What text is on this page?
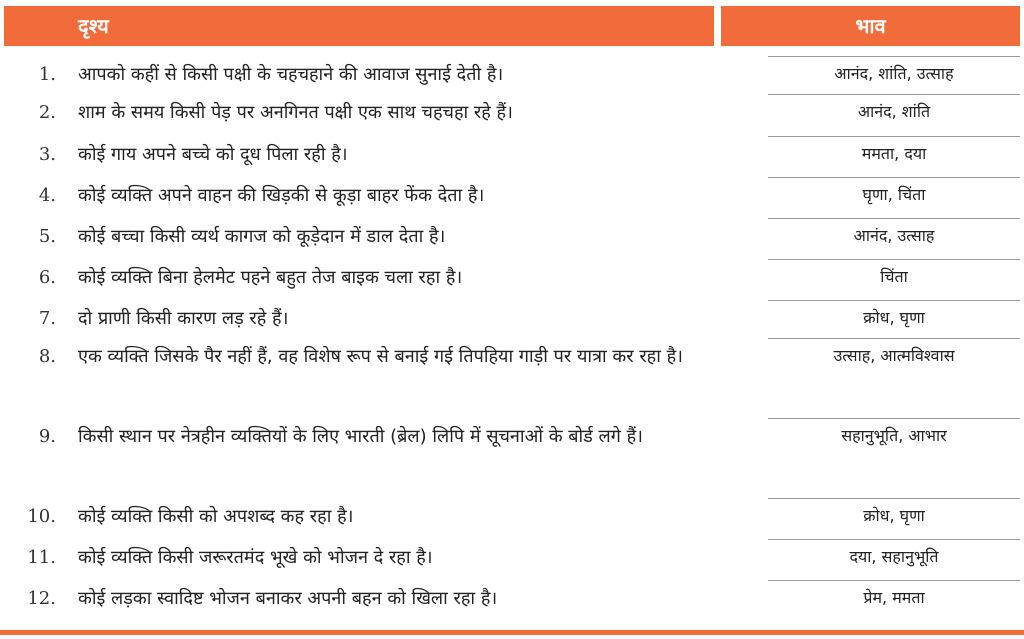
दृश्य	भाव
1. आपको कहीं से किसी पक्षी के चहचहाने की आवाज सुनाई देती है।	आनंद, शांति, उत्साह
2. शाम के समय किसी पेड़ पर अनगिनत पक्षी एक साथ चहचहा रहे हैं।	आनंद, शांति
3. कोई गाय अपने बच्चे को दूध पिला रही है।	ममता, दया
4. कोई व्यक्ति अपने वाहन की खिड़की से कूड़ा बाहर फेंक देता है।	घृणा, चिंता
5. कोई बच्चा किसी व्यर्थ कागज को कूड़ेदान में डाल देता है।	आनंद, उत्साह
6. कोई व्यक्ति बिना हेलमेट पहने बहुत तेज बाइक चला रहा है।	चिंता
7. दो प्राणी किसी कारण लड़ रहे हैं।	क्रोध, घृणा
8. एक व्यक्ति जिसके पैर नहीं हैं, वह विशेष रूप से बनाई गई तिपहिया गाड़ी पर यात्रा कर रहा है।	उत्साह, आत्मविश्वास
9. किसी स्थान पर नेत्रहीन व्यक्तियों के लिए भारती (ब्रेल) लिपि में सूचनाओं के बोर्ड लगे हैं।	सहानुभूति, आभार
10. कोई व्यक्ति किसी को अपशब्द कह रहा है।	क्रोध, घृणा
11. कोई व्यक्ति किसी जरूरतमंद भूखे को भोजन दे रहा है।	दया, सहानुभूति
12. कोई लड़का स्वादिष्ट भोजन बनाकर अपनी बहन को खिला रहा है।	प्रेम, ममता
